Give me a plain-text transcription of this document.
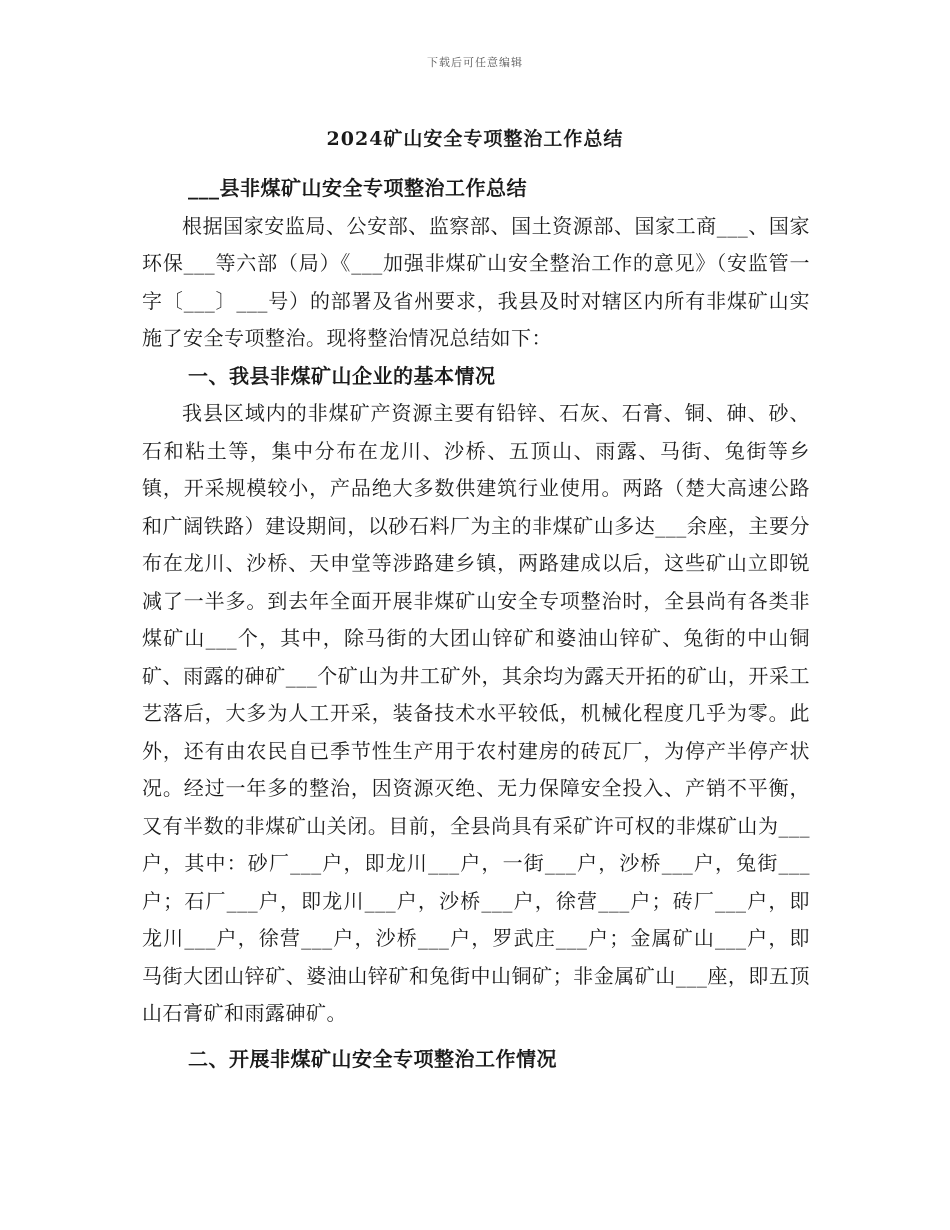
下载后可任意编辑
2024矿山安全专项整治工作总结

___县非煤矿山安全专项整治工作总结

根据国家安监局、公安部、监察部、国土资源部、国家工商___、国家环保___等六部（局）《___加强非煤矿山安全整治工作的意见》（安监管一字〔___〕___号）的部署及省州要求，我县及时对辖区内所有非煤矿山实施了安全专项整治。现将整治情况总结如下：

一、我县非煤矿山企业的基本情况

我县区域内的非煤矿产资源主要有铅锌、石灰、石膏、铜、砷、砂、石和粘土等，集中分布在龙川、沙桥、五顶山、雨露、马街、兔街等乡镇，开采规模较小，产品绝大多数供建筑行业使用。两路（楚大高速公路和广阔铁路）建设期间，以砂石料厂为主的非煤矿山多达___余座，主要分布在龙川、沙桥、天申堂等涉路建乡镇，两路建成以后，这些矿山立即锐减了一半多。到去年全面开展非煤矿山安全专项整治时，全县尚有各类非煤矿山___个，其中，除马街的大团山锌矿和婆油山锌矿、兔街的中山铜矿、雨露的砷矿___个矿山为井工矿外，其余均为露天开拓的矿山，开采工艺落后，大多为人工开采，装备技术水平较低，机械化程度几乎为零。此外，还有由农民自已季节性生产用于农村建房的砖瓦厂，为停产半停产状况。经过一年多的整治，因资源灭绝、无力保障安全投入、产销不平衡，又有半数的非煤矿山关闭。目前，全县尚具有采矿许可权的非煤矿山为___户，其中：砂厂___户，即龙川___户，一街___户，沙桥___户，兔街___户；石厂___户，即龙川___户，沙桥___户，徐营___户；砖厂___户，即龙川___户，徐营___户，沙桥___户，罗武庄___户；金属矿山___户，即马街大团山锌矿、婆油山锌矿和兔街中山铜矿；非金属矿山___座，即五顶山石膏矿和雨露砷矿。

二、开展非煤矿山安全专项整治工作情况
